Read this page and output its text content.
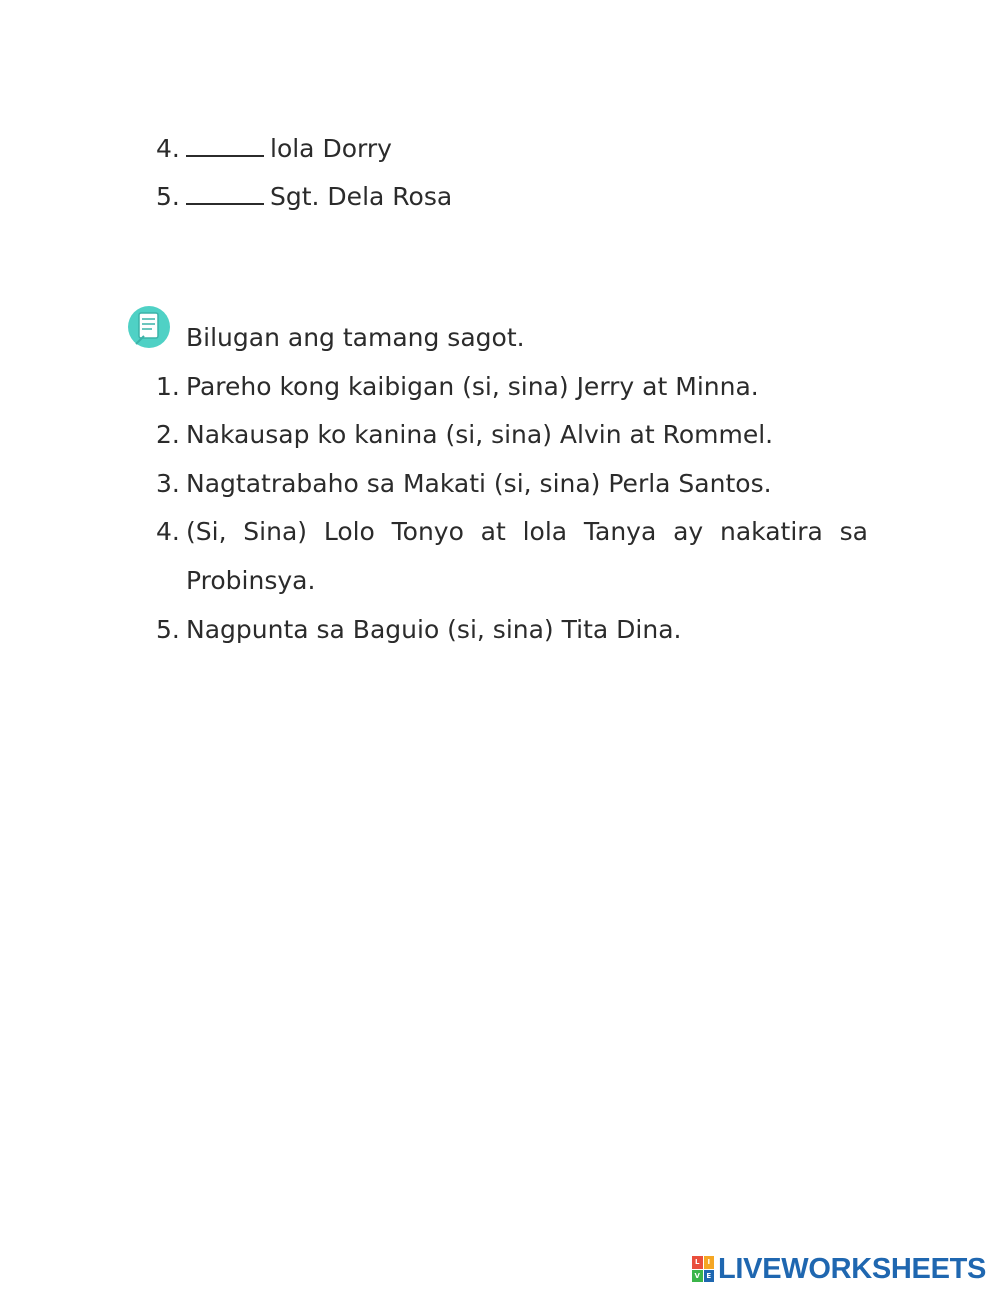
4.	lola Dorry
5.	Sgt. Dela Rosa
Bilugan ang tamang sagot.
1. Pareho kong kaibigan (si, sina) Jerry at Minna.
2. Nakausap ko kanina (si, sina) Alvin at Rommel.
3. Nagtatrabaho sa Makati (si, sina) Perla Santos.
4. (Si, Sina) Lolo Tonyo at lola Tanya ay nakatira sa Probinsya.
5. Nagpunta sa Baguio (si, sina) Tita Dina.
L	I
V E LIVEWORKSHEETS
